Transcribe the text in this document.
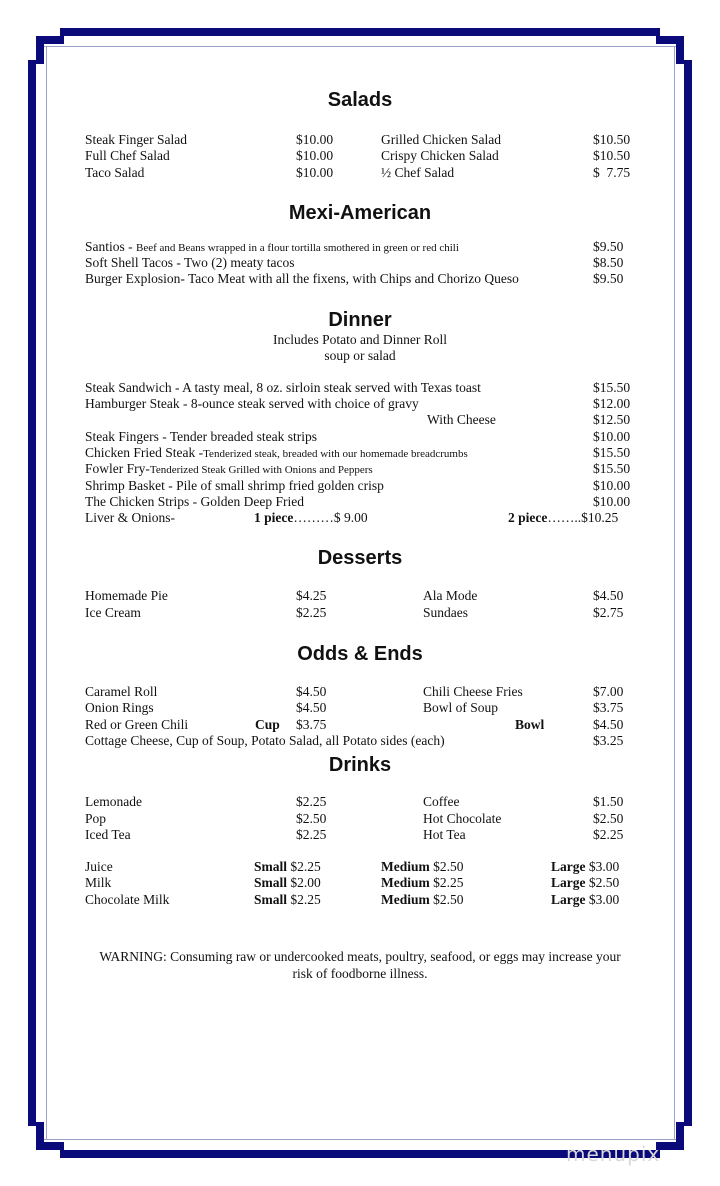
Salads
Steak Finger Salad	$10.00	Grilled Chicken Salad	$10.50
Full Chef Salad	$10.00	Crispy Chicken Salad	$10.50
Taco Salad	$10.00	½ Chef Salad	$  7.75
Mexi-American
Santios - Beef and Beans wrapped in a flour tortilla smothered in green or red chili	$9.50
Soft Shell Tacos - Two (2) meaty tacos	$8.50
Burger Explosion- Taco Meat with all the fixens, with Chips and Chorizo Queso	$9.50
Dinner
Includes Potato and Dinner Roll
soup or salad
Steak Sandwich - A tasty meal, 8 oz. sirloin steak served with Texas toast	$15.50
Hamburger Steak - 8-ounce steak served with choice of gravy	$12.00
With Cheese	$12.50
Steak Fingers - Tender breaded steak strips	$10.00
Chicken Fried Steak -Tenderized steak, breaded with our homemade breadcrumbs	$15.50
Fowler Fry-Tenderized Steak Grilled with Onions and Peppers	$15.50
Shrimp Basket - Pile of small shrimp fried golden crisp	$10.00
The Chicken Strips - Golden Deep Fried	$10.00
Liver & Onions-	1 piece………$ 9.00	2 piece……..$10.25
Desserts
Homemade Pie	$4.25	Ala Mode	$4.50
Ice Cream	$2.25	Sundaes	$2.75
Odds & Ends
Caramel Roll	$4.50	Chili Cheese Fries	$7.00
Onion Rings	$4.50	Bowl of Soup	$3.75
Red or Green Chili	Cup $3.75	Bowl	$4.50
Cottage Cheese, Cup of Soup, Potato Salad, all Potato sides (each)	$3.25
Drinks
Lemonade	$2.25	Coffee	$1.50
Pop	$2.50	Hot Chocolate	$2.50
Iced Tea	$2.25	Hot Tea	$2.25
Juice	Small $2.25	Medium $2.50	Large $3.00
Milk	Small $2.00	Medium $2.25	Large $2.50
Chocolate Milk	Small $2.25	Medium $2.50	Large $3.00
WARNING: Consuming raw or undercooked meats, poultry, seafood, or eggs may increase your
risk of foodborne illness.
menupix
